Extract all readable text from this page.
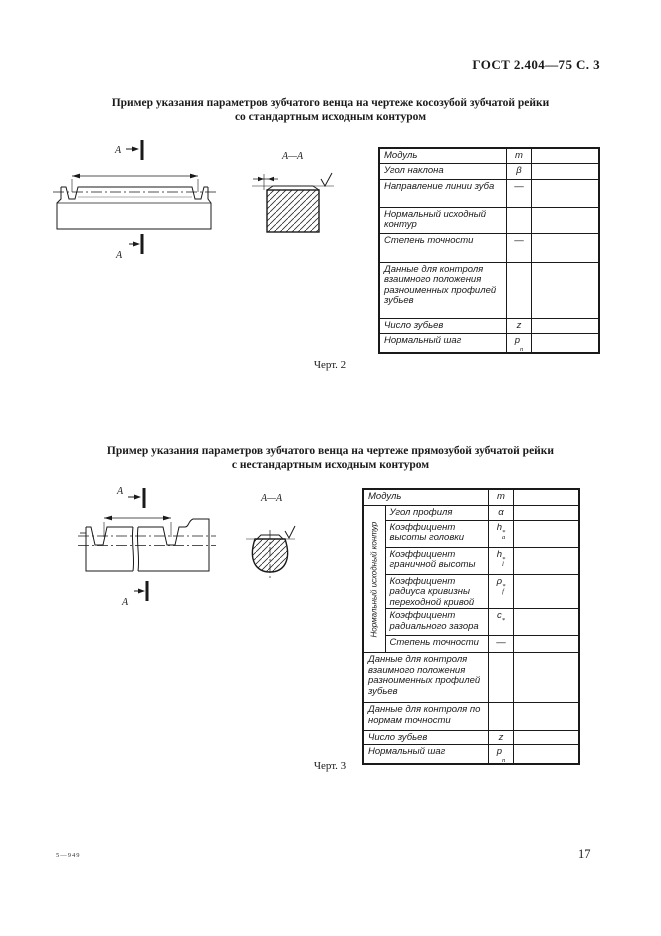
ГОСТ 2.404—75 С. 3
Пример указания параметров зубчатого венца на чертеже косозубой зубчатой рейки
со стандартным исходным контуром
А
А
А—А	Модуль	m

Угол наклона	β

Направление линии зуба	—	
Нормальный исходный контур		
Степень точности	—	
Данные для контроля взаимного положения разноименных профилей зубьев		
Число зубьев	z	
Нормальный шаг	p
n	

Черт. 2
Пример указания параметров зубчатого венца на чертеже прямозубой зубчатой рейки
с нестандартным исходным контуром
А
А
А—А	Модуль		m	

Нормальный исходный контур	Угол профиля	α	
	Коэффициент высоты головки	h *
a	

	Коэффициент граничной высоты	h *
l	

	Коэффициент радиуса кривизны переходной кривой	ρ *
f	

	Коэффициент радиального зазора	c *	

	Степень точности	—	
Данные для контроля взаимного положения разноименных профилей зубьев			
Данные для контроля по нормам точности			
Число зубьев		z	
Нормальный шаг		p
n	

Черт. 3
5—949	17
